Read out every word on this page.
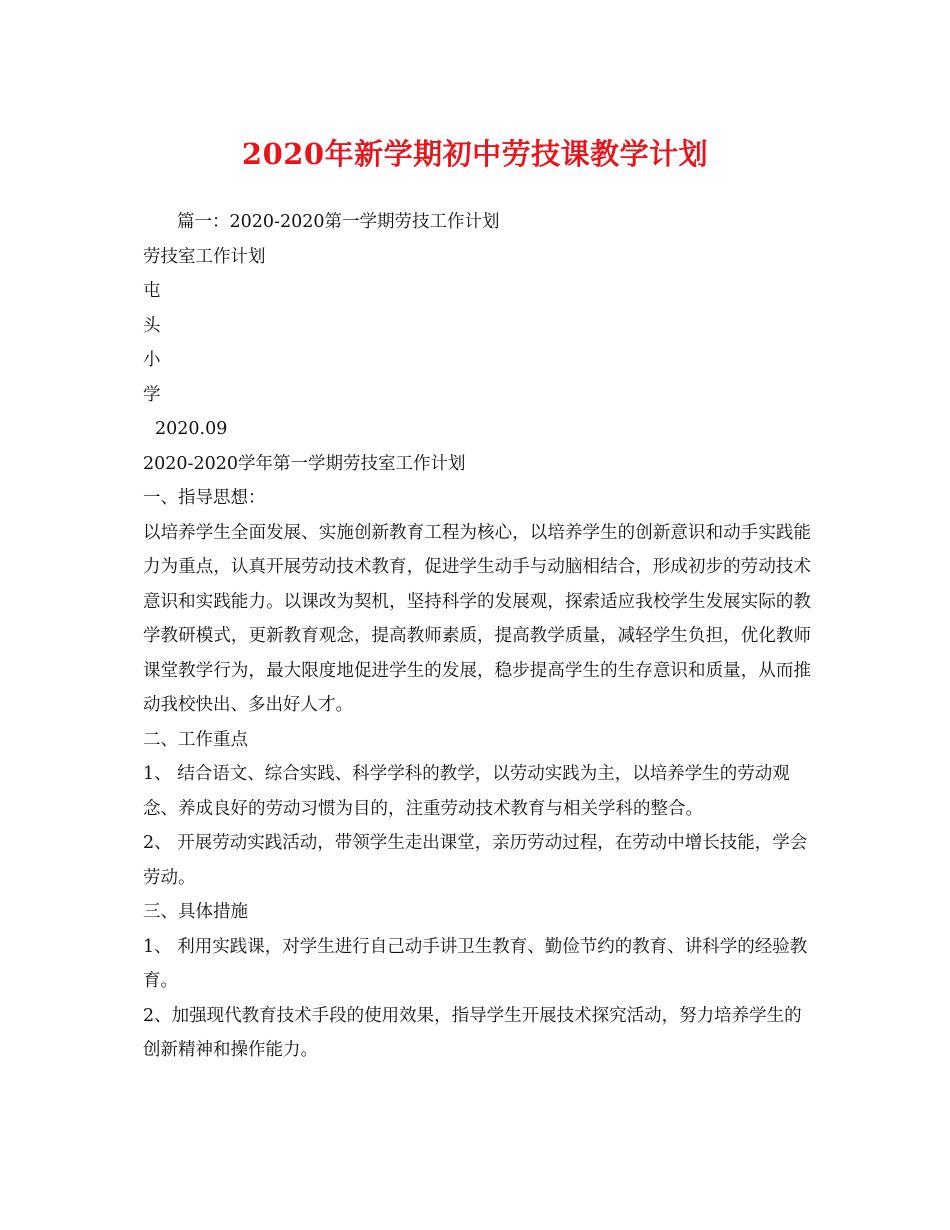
2020年新学期初中劳技课教学计划
篇一：2020-2020第一学期劳技工作计划
劳技室工作计划
屯
头
小
学
2020.09
2020-2020学年第一学期劳技室工作计划
一、指导思想：
以培养学生全面发展、实施创新教育工程为核心，以培养学生的创新意识和动手实践能力为重点，认真开展劳动技术教育，促进学生动手与动脑相结合，形成初步的劳动技术意识和实践能力。以课改为契机，坚持科学的发展观，探索适应我校学生发展实际的教学教研模式，更新教育观念，提高教师素质，提高教学质量，减轻学生负担，优化教师课堂教学行为，最大限度地促进学生的发展，稳步提高学生的生存意识和质量，从而推动我校快出、多出好人才。
二、工作重点
1、 结合语文、综合实践、科学学科的教学，以劳动实践为主，以培养学生的劳动观念、养成良好的劳动习惯为目的，注重劳动技术教育与相关学科的整合。
2、 开展劳动实践活动，带领学生走出课堂，亲历劳动过程，在劳动中增长技能，学会劳动。
三、具体措施
1、 利用实践课，对学生进行自己动手讲卫生教育、勤俭节约的教育、讲科学的经验教育。
2、加强现代教育技术手段的使用效果，指导学生开展技术探究活动，努力培养学生的创新精神和操作能力。
